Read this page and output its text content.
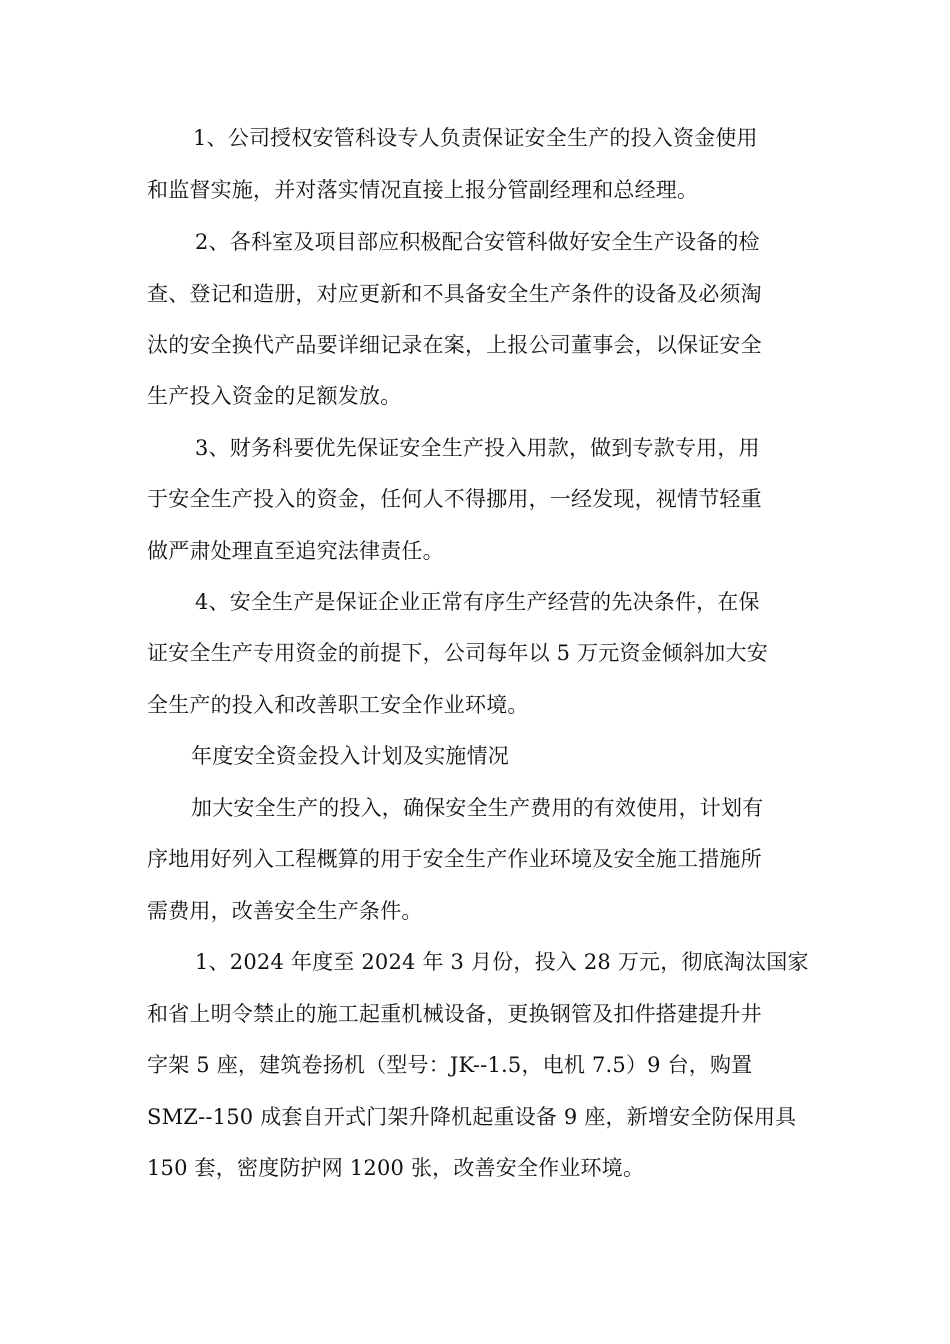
1、公司授权安管科设专人负责保证安全生产的投入资金使用
和监督实施，并对落实情况直接上报分管副经理和总经理。
2、各科室及项目部应积极配合安管科做好安全生产设备的检
查、登记和造册，对应更新和不具备安全生产条件的设备及必须淘
汰的安全换代产品要详细记录在案，上报公司董事会，以保证安全
生产投入资金的足额发放。
3、财务科要优先保证安全生产投入用款，做到专款专用，用
于安全生产投入的资金，任何人不得挪用，一经发现，视情节轻重
做严肃处理直至追究法律责任。
4、安全生产是保证企业正常有序生产经营的先决条件，在保
证安全生产专用资金的前提下，公司每年以 5 万元资金倾斜加大安
全生产的投入和改善职工安全作业环境。
年度安全资金投入计划及实施情况
加大安全生产的投入，确保安全生产费用的有效使用，计划有
序地用好列入工程概算的用于安全生产作业环境及安全施工措施所
需费用，改善安全生产条件。
1、2024 年度至 2024 年 3 月份，投入 28 万元，彻底淘汰国家
和省上明令禁止的施工起重机械设备，更换钢管及扣件搭建提升井
字架 5 座，建筑卷扬机（型号：JK--1.5，电机 7.5）9 台，购置
SMZ--150 成套自开式门架升降机起重设备 9 座，新增安全防保用具
150 套，密度防护网 1200 张，改善安全作业环境。
